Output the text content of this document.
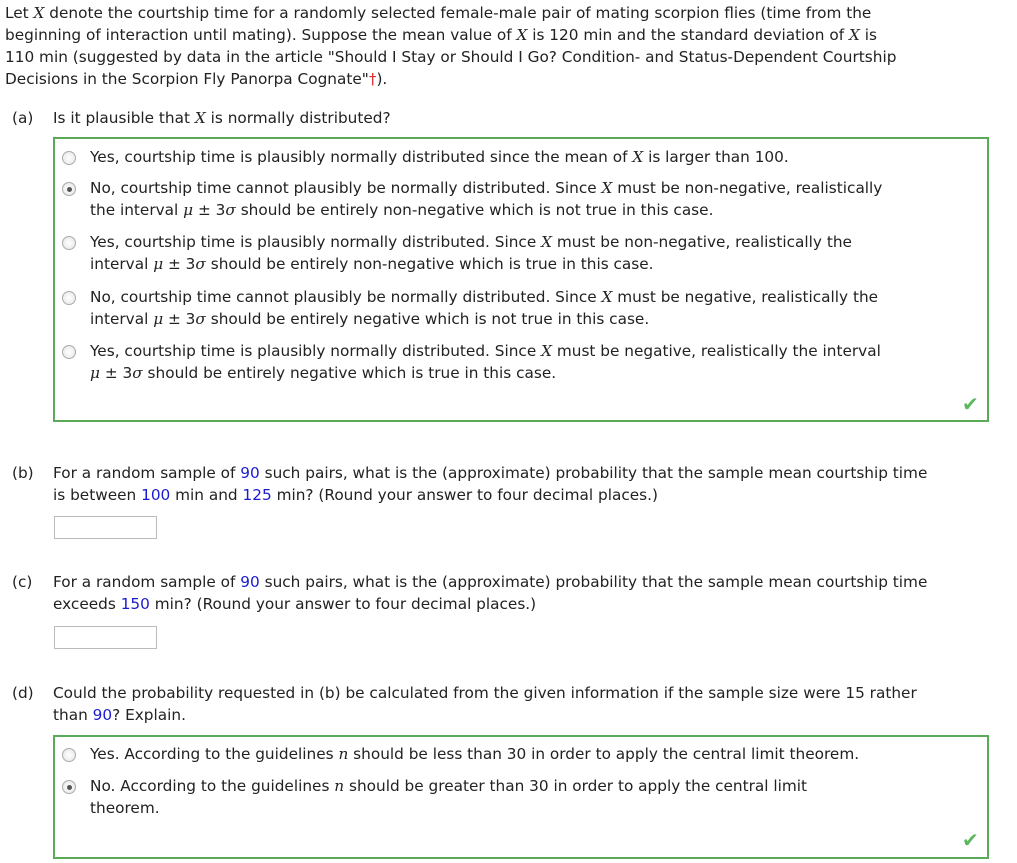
Let X denote the courtship time for a randomly selected female-male pair of mating scorpion flies (time from the
beginning of interaction until mating). Suppose the mean value of X is 120 min and the standard deviation of X is
110 min (suggested by data in the article "Should I Stay or Should I Go? Condition- and Status-Dependent Courtship
Decisions in the Scorpion Fly Panorpa Cognate"†).
(a) Is it plausible that X is normally distributed?
Yes, courtship time is plausibly normally distributed since the mean of X is larger than 100.
No, courtship time cannot plausibly be normally distributed. Since X must be non-negative, realistically
the interval μ ± 3σ should be entirely non-negative which is not true in this case.
Yes, courtship time is plausibly normally distributed. Since X must be non-negative, realistically the
interval μ ± 3σ should be entirely non-negative which is true in this case.
No, courtship time cannot plausibly be normally distributed. Since X must be negative, realistically the
interval μ ± 3σ should be entirely negative which is not true in this case.
Yes, courtship time is plausibly normally distributed. Since X must be negative, realistically the interval
μ ± 3σ should be entirely negative which is true in this case.
✔
(b) For a random sample of 90 such pairs, what is the (approximate) probability that the sample mean courtship time
is between 100 min and 125 min? (Round your answer to four decimal places.)
(c) For a random sample of 90 such pairs, what is the (approximate) probability that the sample mean courtship time
exceeds 150 min? (Round your answer to four decimal places.)
(d) Could the probability requested in (b) be calculated from the given information if the sample size were 15 rather
than 90? Explain.
Yes. According to the guidelines n should be less than 30 in order to apply the central limit theorem.
No. According to the guidelines n should be greater than 30 in order to apply the central limit
theorem.
✔
